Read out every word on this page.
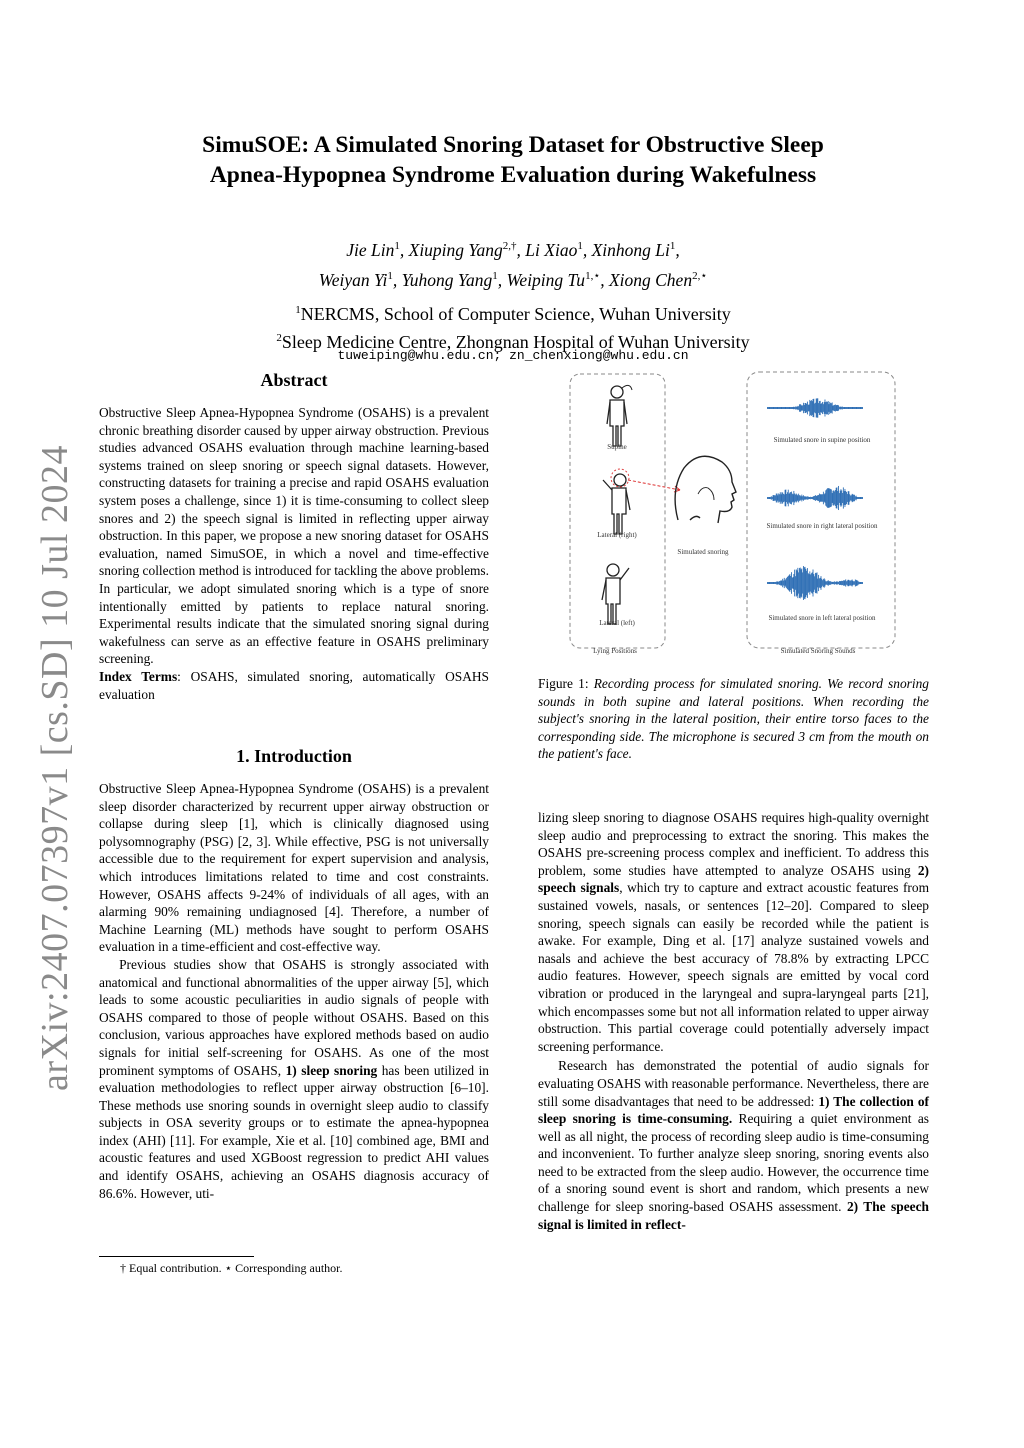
arXiv:2407.07397v1 [cs.SD] 10 Jul 2024
SimuSOE: A Simulated Snoring Dataset for Obstructive Sleep
Apnea-Hypopnea Syndrome Evaluation during Wakefulness
Jie Lin$^1$, Xiuping Yang$^{2,\dagger}$, Li Xiao$^1$, Xinhong Li$^1$,
Weiyan Yi$^1$, Yuhong Yang$^1$, Weiping $Tu^{1,⋆}$, Xiong Chen$^{2,⋆}$
$^1$NERCMS, School of Computer Science, Wuhan University
$^2$Sleep Medicine Centre, Zhongnan Hospital of Wuhan University
tuweiping@whu.edu.cn; zn_chenxiong@whu.edu.cn
Abstract

Obstructive Sleep Apnea-Hypopnea Syndrome (OSAHS) is a prevalent chronic breathing disorder caused by upper airway obstruction. Previous studies advanced OSAHS evaluation through machine learning-based systems trained on sleep snoring or speech signal datasets. However, constructing datasets for training a precise and rapid OSAHS evaluation system poses a challenge, since 1) it is time-consuming to collect sleep snores and 2) the speech signal is limited in reflecting upper airway obstruction. In this paper, we propose a new snoring dataset for OSAHS evaluation, named SimuSOE, in which a novel and time-effective snoring collection method is introduced for tackling the above problems. In particular, we adopt simulated snoring which is a type of snore intentionally emitted by patients to replace natural snoring. Experimental results indicate that the simulated snoring signal during wakefulness can serve as an effective feature in OSAHS preliminary screening.

Index Terms: OSAHS, simulated snoring, automatically OSAHS evaluation

1. Introduction

Obstructive Sleep Apnea-Hypopnea Syndrome (OSAHS) is a prevalent sleep disorder characterized by recurrent upper airway obstruction or collapse during sleep [1], which is clinically diagnosed using polysomnography (PSG) [2, 3]. While effective, PSG is not universally accessible due to the requirement for expert supervision and analysis, which introduces limitations related to time and cost constraints. However, OSAHS affects 9-24% of individuals of all ages, with an alarming 90% remaining undiagnosed [4]. Therefore, a number of Machine Learning (ML) methods have sought to perform OSAHS evaluation in a time-efficient and cost-effective way.

Previous studies show that OSAHS is strongly associated with anatomical and functional abnormalities of the upper airway [5], which leads to some acoustic peculiarities in audio signals of people with OSAHS compared to those of people without OSAHS. Based on this conclusion, various approaches have explored methods based on audio signals for initial self-screening for OSAHS. As one of the most prominent symptoms of OSAHS, 1) sleep snoring has been utilized in evaluation methodologies to reflect upper airway obstruction [6–10]. These methods use snoring sounds in overnight sleep audio to classify subjects in OSA severity groups or to estimate the apnea-hypopnea index (AHI) [11]. For example, Xie et al. [10] combined age, BMI and acoustic features and used XGBoost regression to predict AHI values and identify OSAHS, achieving an OSAHS diagnosis accuracy of 86.6%. However, uti-

† Equal contribution. ⋆ Corresponding author.
Supine
Lateral (right)
Lateral (left)
Lying Positions
Simulated snoring
Simulated snore in supine position
Simulated snore in right lateral position
Simulated snore in left lateral position
Simulated Snoring Sounds
Figure 1: Recording process for simulated snoring. We record snoring sounds in both supine and lateral positions. When recording the subject's snoring in the lateral position, their entire torso faces to the corresponding side. The microphone is secured 3 cm from the mouth on the patient's face.

lizing sleep snoring to diagnose OSAHS requires high-quality overnight sleep audio and preprocessing to extract the snoring. This makes the OSAHS pre-screening process complex and inefficient. To address this problem, some studies have attempted to analyze OSAHS using 2) speech signals, which try to capture and extract acoustic features from sustained vowels, nasals, or sentences [12–20]. Compared to sleep snoring, speech signals can easily be recorded while the patient is awake. For example, Ding et al. [17] analyze sustained vowels and nasals and achieve the best accuracy of 78.8% by extracting LPCC audio features. However, speech signals are emitted by vocal cord vibration or produced in the laryngeal and supra-laryngeal parts [21], which encompasses some but not all information related to upper airway obstruction. This partial coverage could potentially adversely impact screening performance.

Research has demonstrated the potential of audio signals for evaluating OSAHS with reasonable performance. Nevertheless, there are still some disadvantages that need to be addressed: 1) The collection of sleep snoring is time-consuming. Requiring a quiet environment as well as all night, the process of recording sleep audio is time-consuming and inconvenient. To further analyze sleep snoring, snoring events also need to be extracted from the sleep audio. However, the occurrence time of a snoring sound event is short and random, which presents a new challenge for sleep snoring-based OSAHS assessment. 2) The speech signal is limited in reflect-
